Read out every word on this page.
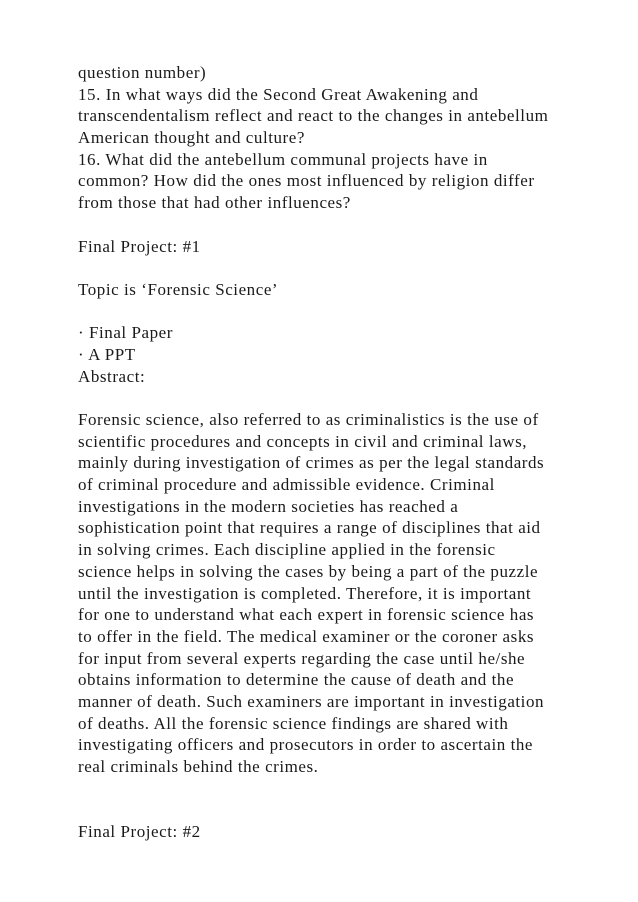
question number)
15. In what ways did the Second Great Awakening and
transcendentalism reflect and react to the changes in antebellum
American thought and culture?
16. What did the antebellum communal projects have in
common? How did the ones most influenced by religion differ
from those that had other influences?
Final Project: #1
Topic is ‘Forensic Science’
· Final Paper
· A PPT
Abstract:
Forensic science, also referred to as criminalistics is the use of
scientific procedures and concepts in civil and criminal laws,
mainly during investigation of crimes as per the legal standards
of criminal procedure and admissible evidence. Criminal
investigations in the modern societies has reached a
sophistication point that requires a range of disciplines that aid
in solving crimes. Each discipline applied in the forensic
science helps in solving the cases by being a part of the puzzle
until the investigation is completed. Therefore, it is important
for one to understand what each expert in forensic science has
to offer in the field. The medical examiner or the coroner asks
for input from several experts regarding the case until he/she
obtains information to determine the cause of death and the
manner of death. Such examiners are important in investigation
of deaths. All the forensic science findings are shared with
investigating officers and prosecutors in order to ascertain the
real criminals behind the crimes.
Final Project: #2
